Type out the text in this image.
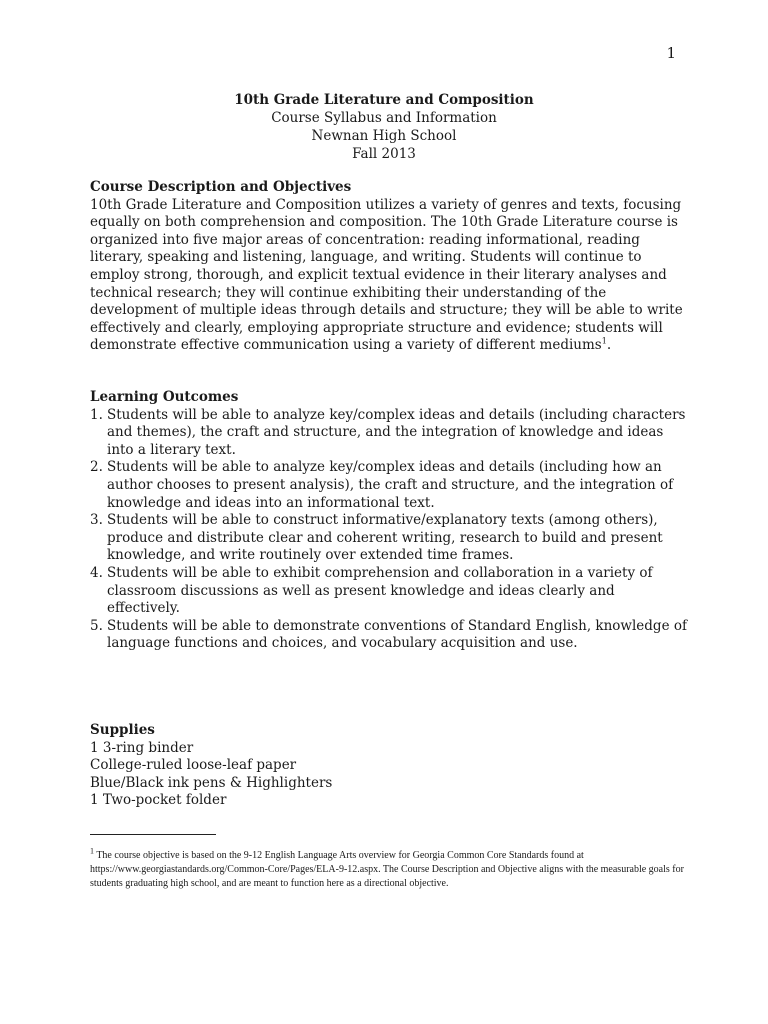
1
10th Grade Literature and Composition
Course Syllabus and Information
Newnan High School
Fall 2013
Course Description and Objectives

10th Grade Literature and Composition utilizes a variety of genres and texts, focusing equally on both comprehension and composition. The 10th Grade Literature course is organized into five major areas of concentration: reading informational, reading literary, speaking and listening, language, and writing. Students will continue to employ strong, thorough, and explicit textual evidence in their literary analyses and technical research; they will continue exhibiting their understanding of the development of multiple ideas through details and structure; they will be able to write effectively and clearly, employing appropriate structure and evidence; students will demonstrate effective communication using a variety of different mediums$^1$.

Learning Outcomes
1. Students will be able to analyze key/complex ideas and details (including characters and themes), the craft and structure, and the integration of knowledge and ideas into a literary text.
2. Students will be able to analyze key/complex ideas and details (including how an author chooses to present analysis), the craft and structure, and the integration of knowledge and ideas into an informational text.
3. Students will be able to construct informative/explanatory texts (among others), produce and distribute clear and coherent writing, research to build and present knowledge, and write routinely over extended time frames.
4. Students will be able to exhibit comprehension and collaboration in a variety of classroom discussions as well as present knowledge and ideas clearly and effectively.
5. Students will be able to demonstrate conventions of Standard English, knowledge of language functions and choices, and vocabulary acquisition and use.
Supplies
1 3-ring binder
College-ruled loose-leaf paper
Blue/Black ink pens & Highlighters
1 Two-pocket folder
$^1$ The course objective is based on the 9-12 English Language Arts overview for Georgia Common Core Standards found at https://www.georgiastandards.org/Common-Core/Pages/ELA-9-12.aspx. The Course Description and Objective aligns with the measurable goals for students graduating high school, and are meant to function here as a directional objective.
